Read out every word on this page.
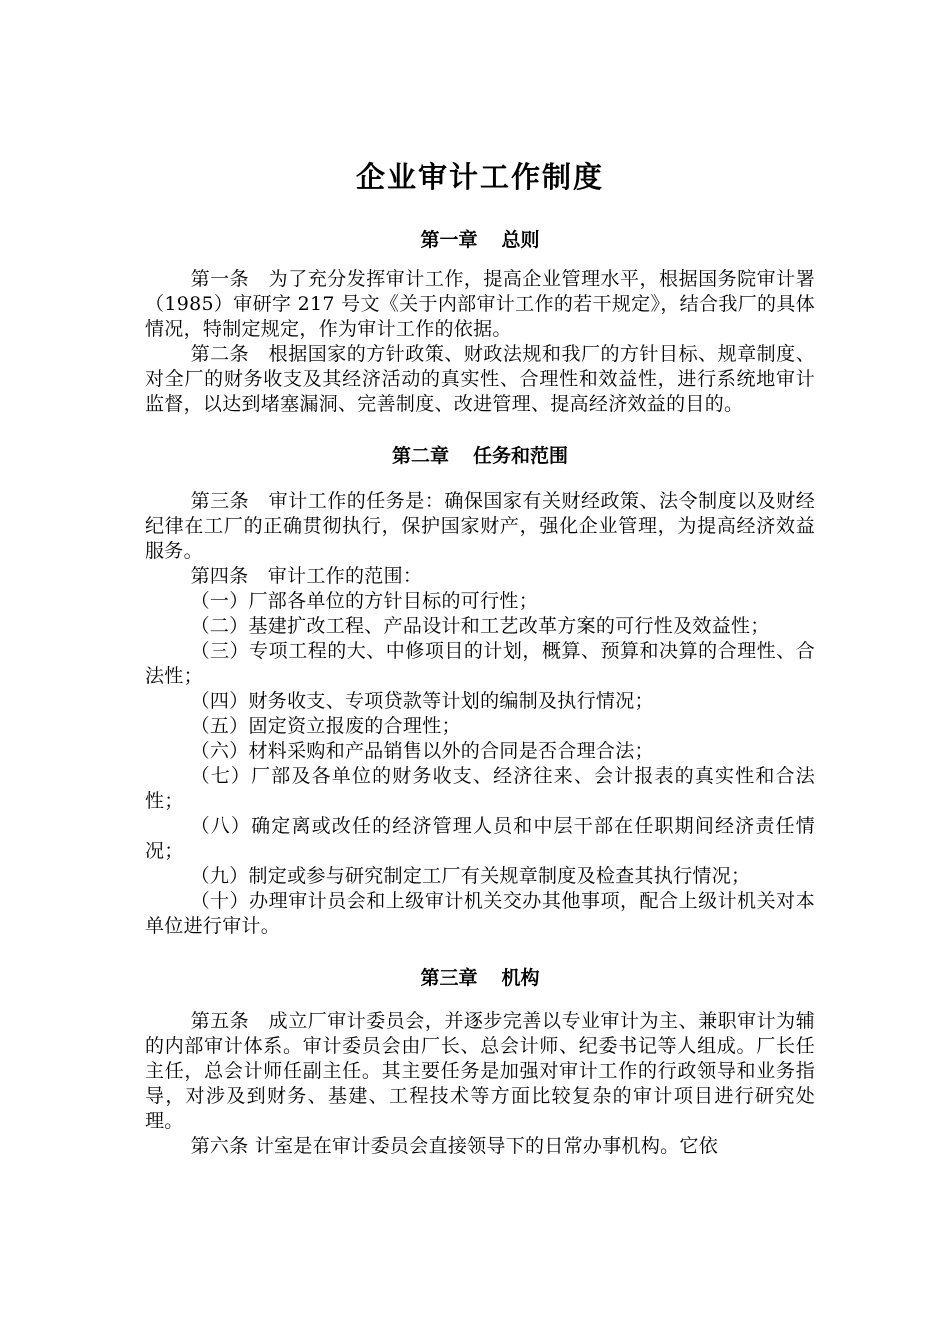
企业审计工作制度
第一章 总则

第一条　为了充分发挥审计工作，提高企业管理水平，根据国务院审计署（1985）审研字 217 号文《关于内部审计工作的若干规定》，结合我厂的具体情况，特制定规定，作为审计工作的依据。

第二条　根据国家的方针政策、财政法规和我厂的方针目标、规章制度、对全厂的财务收支及其经济活动的真实性、合理性和效益性，进行系统地审计监督，以达到堵塞漏洞、完善制度、改进管理、提高经济效益的目的。

第二章 任务和范围

第三条　审计工作的任务是：确保国家有关财经政策、法令制度以及财经纪律在工厂的正确贯彻执行，保护国家财产，强化企业管理，为提高经济效益服务。

第四条　审计工作的范围：

（一）厂部各单位的方针目标的可行性；

（二）基建扩改工程、产品设计和工艺改革方案的可行性及效益性；

（三）专项工程的大、中修项目的计划，概算、预算和决算的合理性、合法性；

（四）财务收支、专项贷款等计划的编制及执行情况；

（五）固定资立报废的合理性；

（六）材料采购和产品销售以外的合同是否合理合法；

（七）厂部及各单位的财务收支、经济往来、会计报表的真实性和合法性；

（八）确定离或改任的经济管理人员和中层干部在任职期间经济责任情况；

（九）制定或参与研究制定工厂有关规章制度及检查其执行情况；

（十）办理审计员会和上级审计机关交办其他事项，配合上级计机关对本单位进行审计。

第三章 机构

第五条　成立厂审计委员会，并逐步完善以专业审计为主、兼职审计为辅的内部审计体系。审计委员会由厂长、总会计师、纪委书记等人组成。厂长任主任，总会计师任副主任。其主要任务是加强对审计工作的行政领导和业务指导，对涉及到财务、基建、工程技术等方面比较复杂的审计项目进行研究处理。

第六条 计室是在审计委员会直接领导下的日常办事机构。它依
